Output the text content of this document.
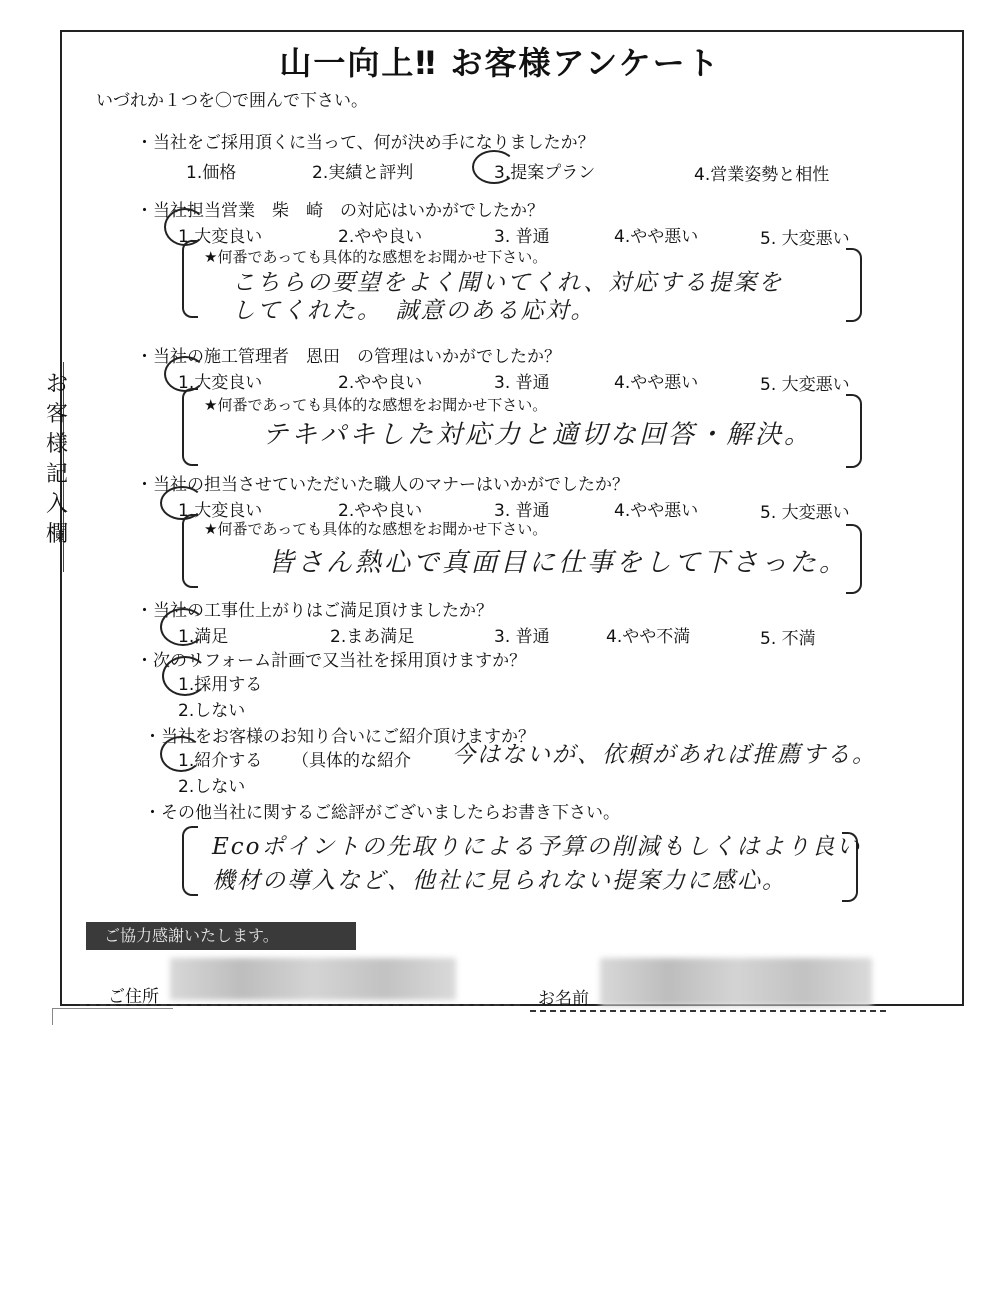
山一向上‼ お客様アンケート
いづれか１つを〇で囲んで下さい。
お
客
様
記
入
欄
・当社をご採用頂くに当って、何が決め手になりましたか？
1.価格	2.実績と評判	3.提案プラン	4.営業姿勢と相性
・当社担当営業　柴　崎　の対応はいかがでしたか？
1.大変良い	2.やや良い	3. 普通	4.やや悪い	5. 大変悪い
★何番であっても具体的な感想をお聞かせ下さい。
こちらの要望をよく聞いてくれ、対応する提案を
してくれた。　誠意のある応対。
・当社の施工管理者　恩田　の管理はいかがでしたか？
1.大変良い	2.やや良い	3. 普通	4.やや悪い	5. 大変悪い
★何番であっても具体的な感想をお聞かせ下さい。
テキパキした対応力と適切な回答・解決。
・当社の担当させていただいた職人のマナーはいかがでしたか？
1.大変良い	2.やや良い	3. 普通	4.やや悪い	5. 大変悪い
★何番であっても具体的な感想をお聞かせ下さい。
皆さん熱心で真面目に仕事をして下さった。
・当社の工事仕上がりはご満足頂けましたか？
1.満足	2.まあ満足	3. 普通	4.やや不満	5. 不満
・次のリフォーム計画で又当社を採用頂けますか？
1.採用する
2.しない
・当社をお客様のお知り合いにご紹介頂けますか？
1.紹介する （具体的な紹介 今はないが、依頼があれば推薦する。
2.しない
・その他当社に関するご総評がございましたらお書き下さい。
Ecoポイントの先取りによる予算の削減もしくはより良い
機材の導入など、他社に見られない提案力に感心。
ご協力感謝いたします。
ご住所	お名前
